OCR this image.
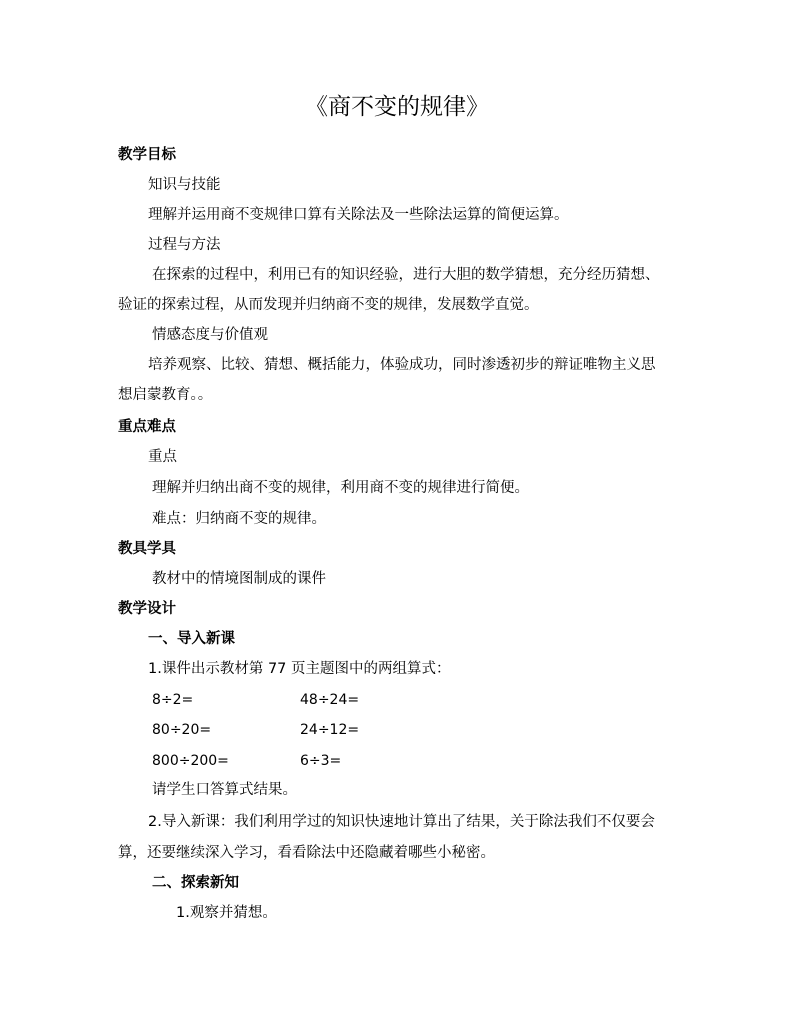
《商不变的规律》
教学目标
知识与技能
理解并运用商不变规律口算有关除法及一些除法运算的简便运算。
过程与方法
在探索的过程中，利用已有的知识经验，进行大胆的数学猜想，充分经历猜想、
验证的探索过程，从而发现并归纳商不变的规律，发展数学直觉。
情感态度与价值观
培养观察、比较、猜想、概括能力，体验成功，同时渗透初步的辩证唯物主义思
想启蒙教育。。
重点难点
重点
理解并归纳出商不变的规律，利用商不变的规律进行简便。
难点：归纳商不变的规律。
教具学具
教材中的情境图制成的课件
教学设计
一、导入新课
1.课件出示教材第 77 页主题图中的两组算式：
8÷2=	48÷24=
80÷20=	24÷12=
800÷200=	6÷3=
请学生口答算式结果。
2.导入新课：我们利用学过的知识快速地计算出了结果，关于除法我们不仅要会
算，还要继续深入学习，看看除法中还隐藏着哪些小秘密。
二、探索新知
1.观察并猜想。
